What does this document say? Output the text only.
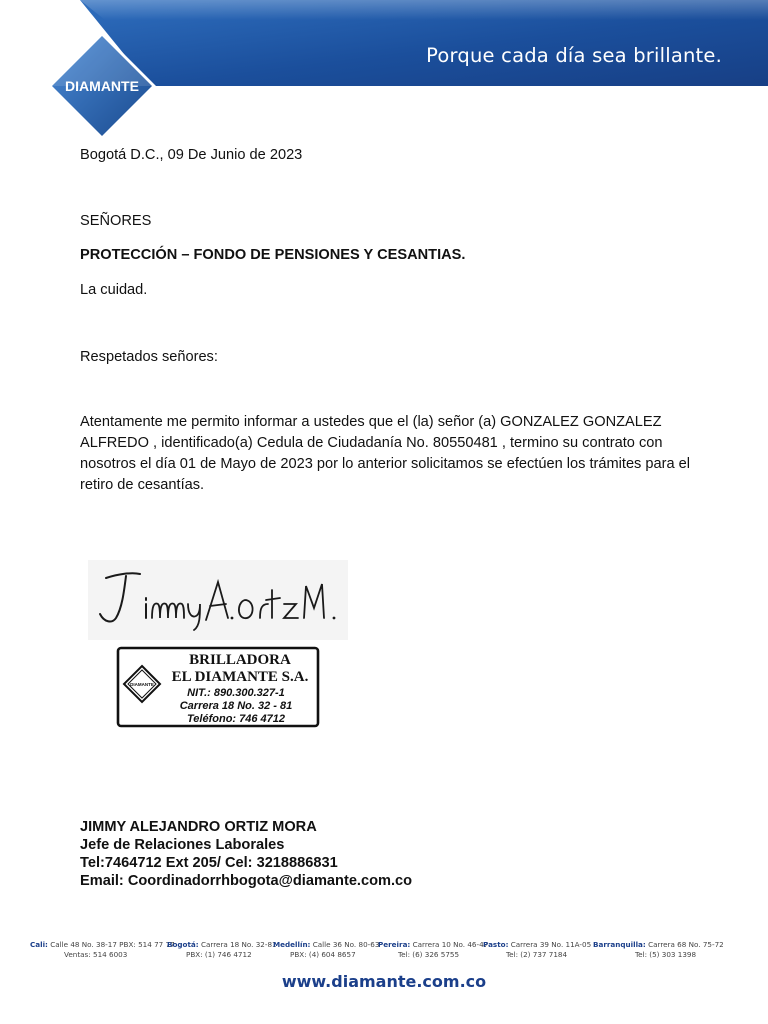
Porque cada día sea brillante.
DIAMANTE
Bogotá D.C., 09 De Junio de 2023
SEÑORES
PROTECCIÓN – FONDO DE PENSIONES Y CESANTIAS.
La cuidad.
Respetados señores:
Atentamente me permito informar a ustedes que el (la) señor (a) GONZALEZ GONZALEZ ALFREDO , identificado(a) Cedula de Ciudadanía No. 80550481 , termino su contrato con nosotros el día 01 de Mayo de 2023 por lo anterior solicitamos se efectúen los trámites para el retiro de cesantías.
DIAMANTE
BRILLADORA
EL DIAMANTE S.A.
NIT.: 890.300.327-1
Carrera 18 No. 32 - 81
Teléfono: 746 4712
JIMMY ALEJANDRO ORTIZ MORA
Jefe de Relaciones Laborales
Tel:7464712 Ext 205/ Cel: 3218886831
Email: Coordinadorrhbogota@diamante.com.co
Cali: Calle 48 No. 38-17 PBX: 514 77 77
Ventas: 514 6003
Bogotá: Carrera 18 No. 32-81
PBX: (1) 746 4712
Medellín: Calle 36 No. 80-63
PBX: (4) 604 8657
Pereira: Carrera 10 No. 46-47
Tel: (6) 326 5755
Pasto: Carrera 39 No. 11A-05
Tel: (2) 737 7184
Barranquilla: Carrera 68 No. 75-72
Tel: (5) 303 1398
www.diamante.com.co
